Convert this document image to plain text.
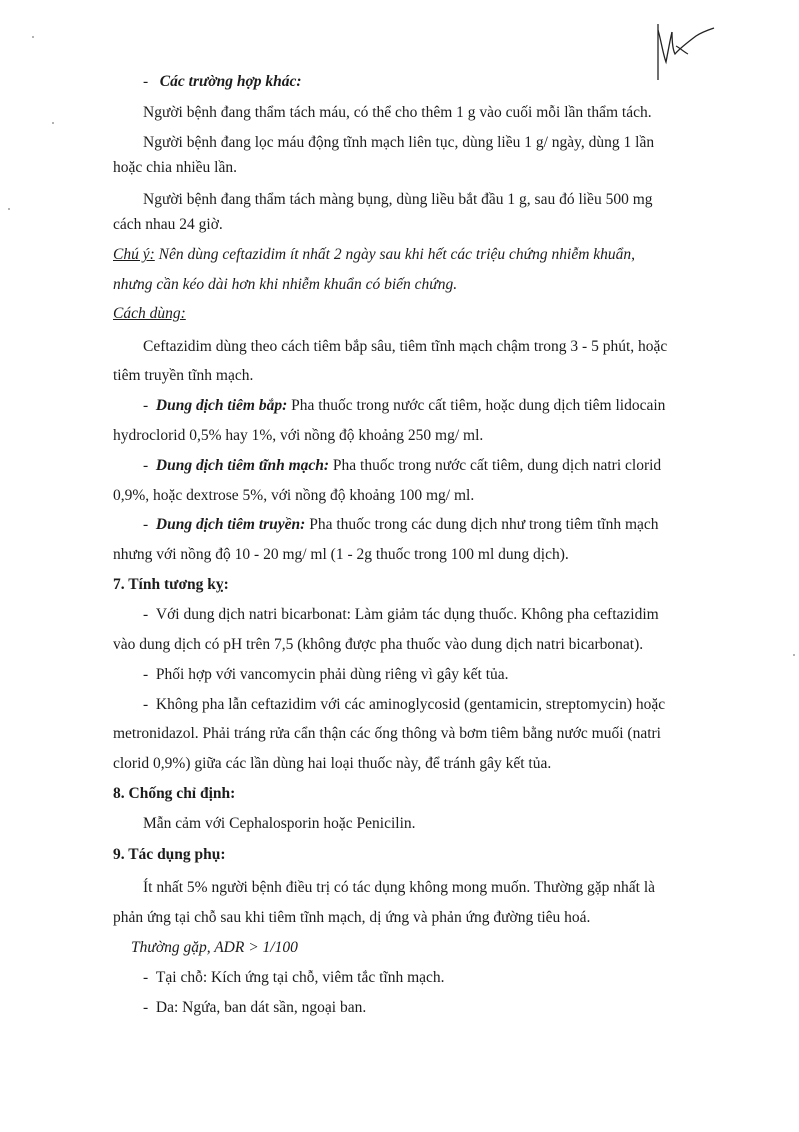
- Các trường hợp khác:
Người bệnh đang thẩm tách máu, có thể cho thêm 1 g vào cuối mỗi lần thẩm tách.
Người bệnh đang lọc máu động tĩnh mạch liên tục, dùng liều 1 g/ ngày, dùng 1 lần
hoặc chia nhiều lần.
Người bệnh đang thẩm tách màng bụng, dùng liều bắt đầu 1 g, sau đó liều 500 mg
cách nhau 24 giờ.
Chú ý: Nên dùng ceftazidim ít nhất 2 ngày sau khi hết các triệu chứng nhiễm khuẩn,
nhưng cần kéo dài hơn khi nhiễm khuẩn có biến chứng.
Cách dùng:
Ceftazidim dùng theo cách tiêm bắp sâu, tiêm tĩnh mạch chậm trong 3 - 5 phút, hoặc
tiêm truyền tĩnh mạch.
- Dung dịch tiêm bắp: Pha thuốc trong nước cất tiêm, hoặc dung dịch tiêm lidocain
hydroclorid 0,5% hay 1%, với nồng độ khoảng 250 mg/ ml.
- Dung dịch tiêm tĩnh mạch: Pha thuốc trong nước cất tiêm, dung dịch natri clorid
0,9%, hoặc dextrose 5%, với nồng độ khoảng 100 mg/ ml.
- Dung dịch tiêm truyền: Pha thuốc trong các dung dịch như trong tiêm tĩnh mạch
nhưng với nồng độ 10 - 20 mg/ ml (1 - 2g thuốc trong 100 ml dung dịch).
7. Tính tương kỵ:
- Với dung dịch natri bicarbonat: Làm giảm tác dụng thuốc. Không pha ceftazidim
vào dung dịch có pH trên 7,5 (không được pha thuốc vào dung dịch natri bicarbonat).
- Phối hợp với vancomycin phải dùng riêng vì gây kết tủa.
- Không pha lẫn ceftazidim với các aminoglycosid (gentamicin, streptomycin) hoặc
metronidazol. Phải tráng rửa cẩn thận các ống thông và bơm tiêm bằng nước muối (natri
clorid 0,9%) giữa các lần dùng hai loại thuốc này, để tránh gây kết tủa.
8. Chống chỉ định:
Mẫn cảm với Cephalosporin hoặc Penicilin.
9. Tác dụng phụ:
Ít nhất 5% người bệnh điều trị có tác dụng không mong muốn. Thường gặp nhất là
phản ứng tại chỗ sau khi tiêm tĩnh mạch, dị ứng và phản ứng đường tiêu hoá.
Thường gặp, ADR > 1/100
- Tại chỗ: Kích ứng tại chỗ, viêm tắc tĩnh mạch.
- Da: Ngứa, ban dát sần, ngoại ban.
